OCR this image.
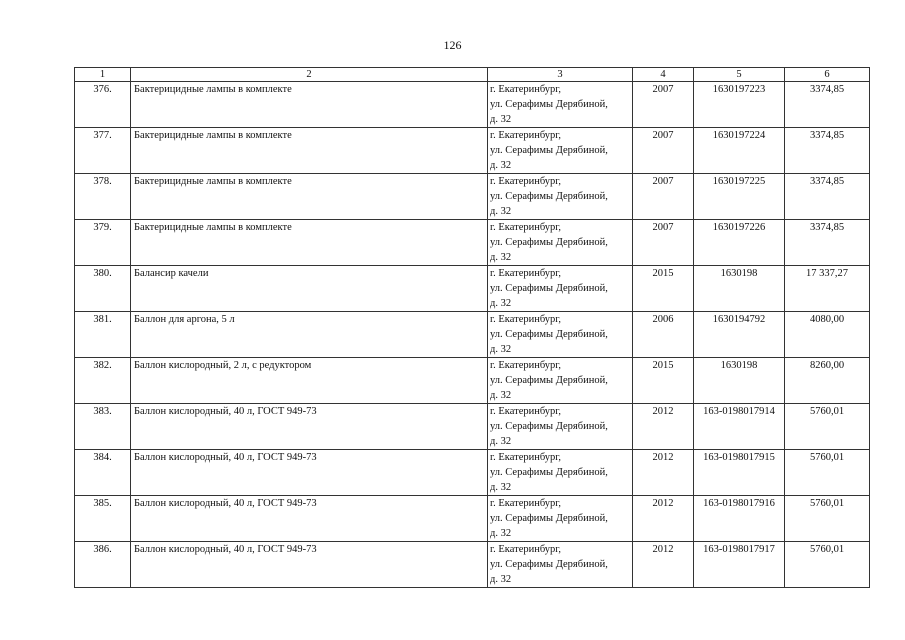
126
1	2	3	4	5	6
376.	Бактерицидные лампы в комплекте	г. Екатеринбург,
ул. Серафимы Дерябиной,
д. 32	2007	1630197223	3374,85
377.	Бактерицидные лампы в комплекте	г. Екатеринбург,
ул. Серафимы Дерябиной,
д. 32	2007	1630197224	3374,85
378.	Бактерицидные лампы в комплекте	г. Екатеринбург,
ул. Серафимы Дерябиной,
д. 32	2007	1630197225	3374,85
379.	Бактерицидные лампы в комплекте	г. Екатеринбург,
ул. Серафимы Дерябиной,
д. 32	2007	1630197226	3374,85
380.	Балансир качели	г. Екатеринбург,
ул. Серафимы Дерябиной,
д. 32	2015	1630198	17 337,27
381.	Баллон для аргона, 5 л	г. Екатеринбург,
ул. Серафимы Дерябиной,
д. 32	2006	1630194792	4080,00
382.	Баллон кислородный, 2 л, с редуктором	г. Екатеринбург,
ул. Серафимы Дерябиной,
д. 32	2015	1630198	8260,00
383.	Баллон кислородный, 40 л, ГОСТ 949-73	г. Екатеринбург,
ул. Серафимы Дерябиной,
д. 32	2012	163-0198017914	5760,01
384.	Баллон кислородный, 40 л, ГОСТ 949-73	г. Екатеринбург,
ул. Серафимы Дерябиной,
д. 32	2012	163-0198017915	5760,01
385.	Баллон кислородный, 40 л, ГОСТ 949-73	г. Екатеринбург,
ул. Серафимы Дерябиной,
д. 32	2012	163-0198017916	5760,01
386.	Баллон кислородный, 40 л, ГОСТ 949-73	г. Екатеринбург,
ул. Серафимы Дерябиной,
д. 32	2012	163-0198017917	5760,01
